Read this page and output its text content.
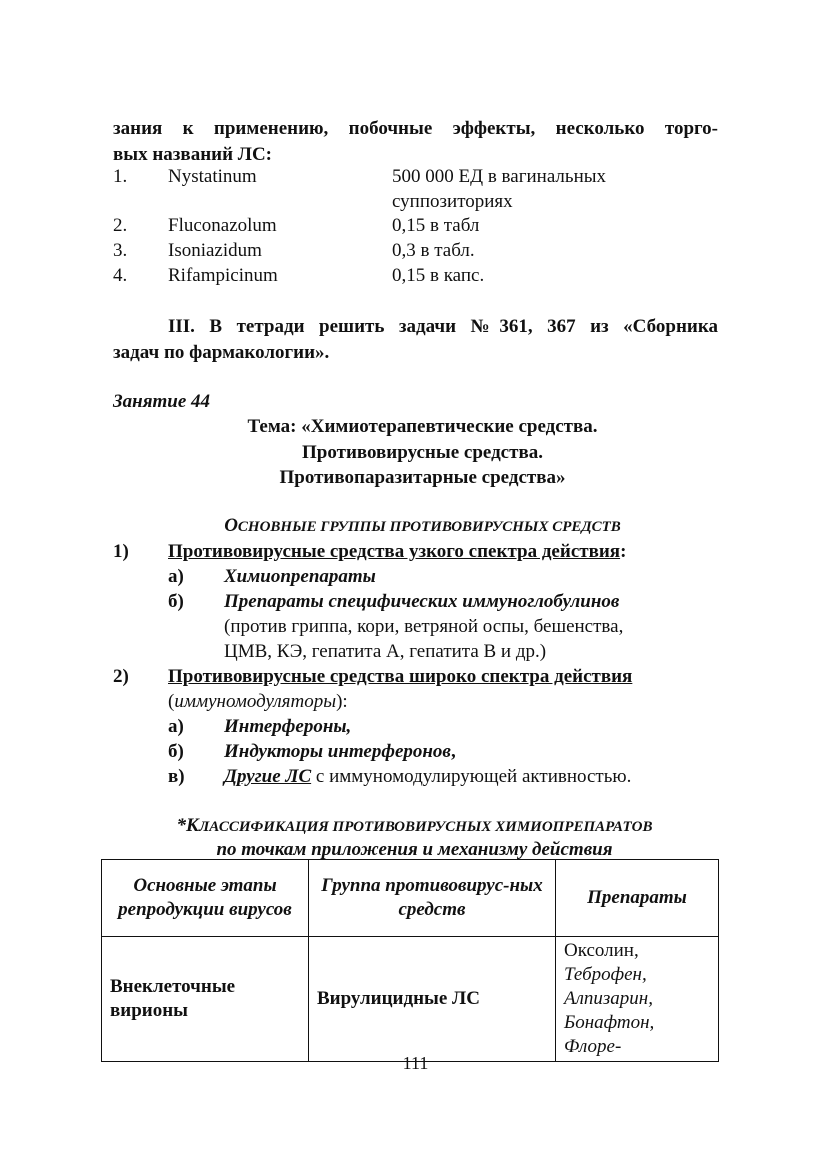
зания к применению, побочные эффекты, несколько торго-
вых названий ЛС:
1. Nystatinum	500 000 ЕД в вагинальных
суппозиториях
2. Fluconazolum	0,15 в табл
3. Isoniazidum	0,3 в табл.
4. Rifampicinum	0,15 в капс.
III. В тетради решить задачи №361, 367 из «Сборника
задач по фармакологии».
Занятие 44
Тема: «Химиотерапевтические средства.
Противовирусные средства.
Противопаразитарные средства»
ОСНОВНЫЕ ГРУППЫ ПРОТИВОВИРУСНЫХ СРЕДСТВ
1) Противовирусные средства узкого спектра действия:
а) Химиопрепараты
б) Препараты специфических иммуноглобулинов
(против гриппа, кори, ветряной оспы, бешенства,
ЦМВ, КЭ, гепатита А, гепатита В и др.)
2) Противовирусные средства широко спектра действия
(иммуномодуляторы):
а) Интерфероны,
б) Индукторы интерферонов,
в) Другие ЛС с иммуномодулирующей активностью.
*КЛАССИФИКАЦИЯ ПРОТИВОВИРУСНЫХ ХИМИОПРЕПАРАТОВ
по точкам приложения и механизму действия
Основные этапы репродукции вирусов	Группа противовирус-ных средств	Препараты
Внеклеточные вирионы	Вирулицидные ЛС	Оксолин,
Теброфен, Алпизарин, Бонафтон, Флоре-
111
